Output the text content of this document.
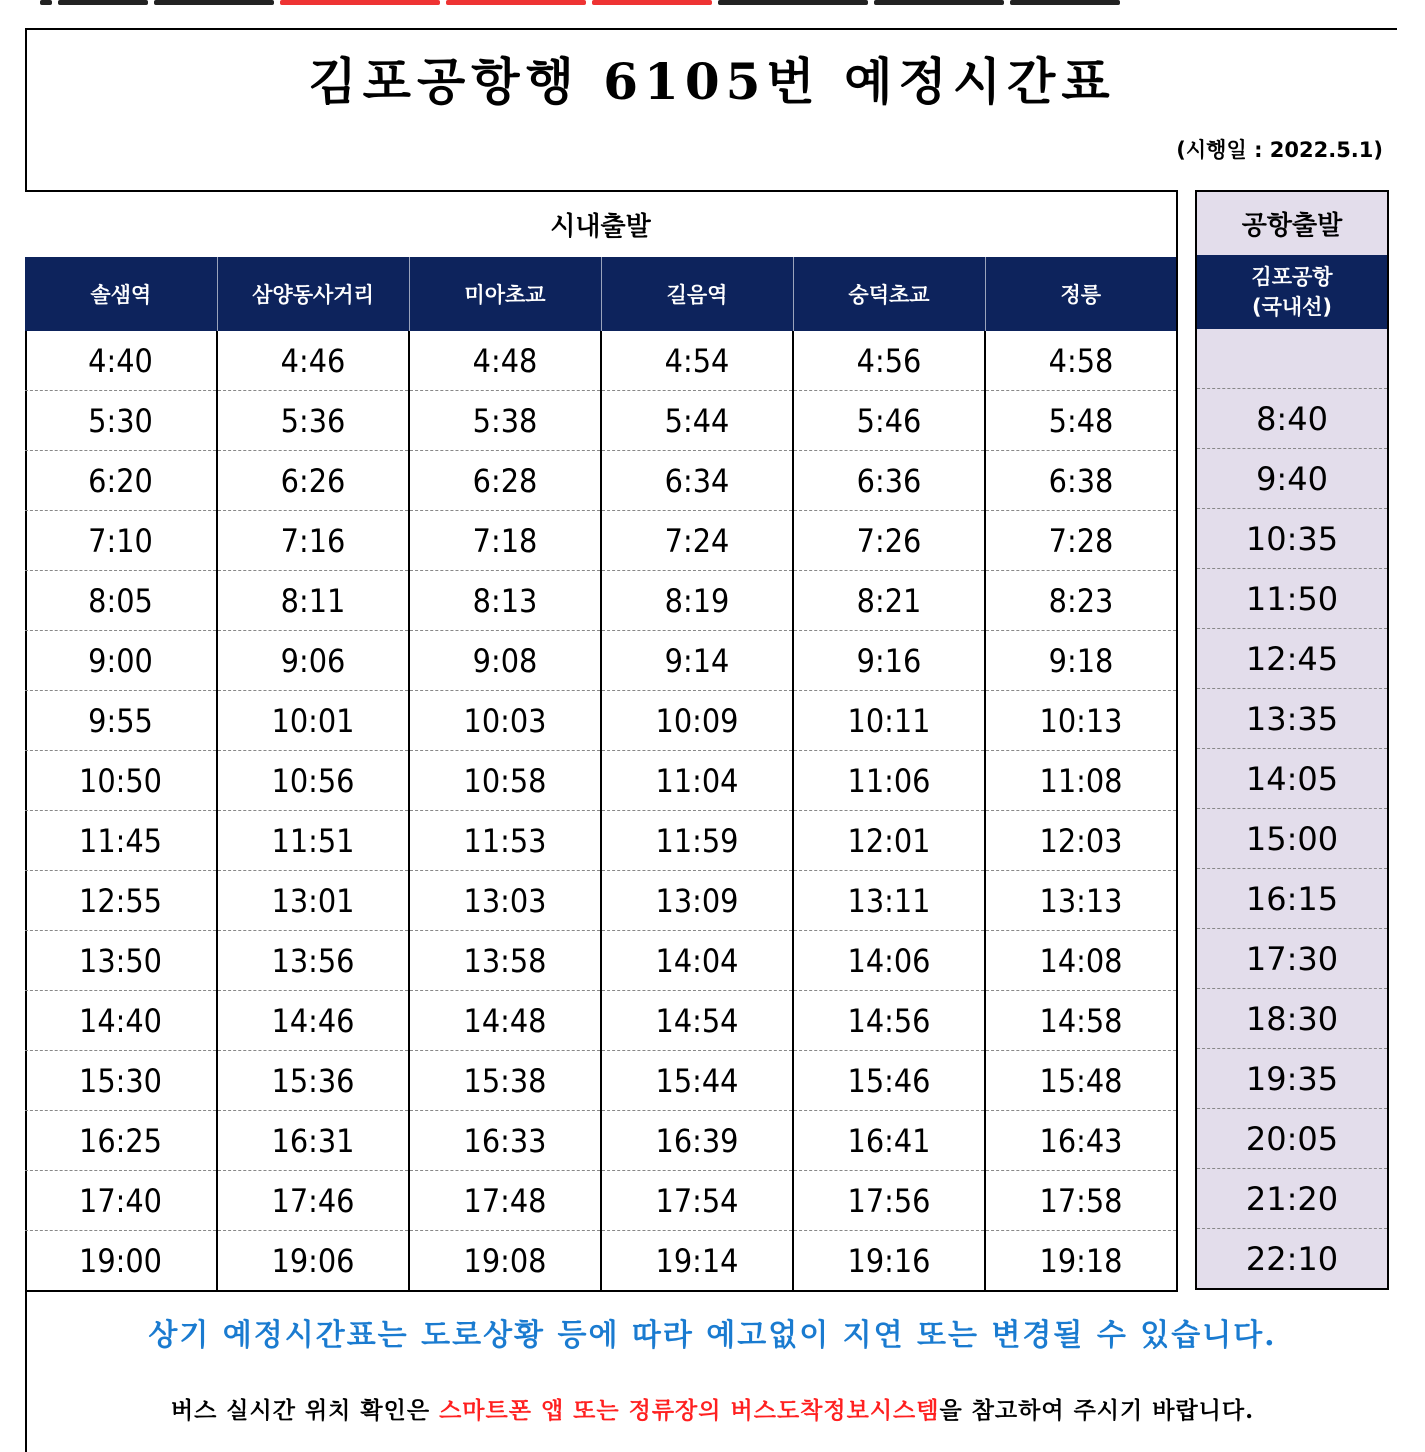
김포공항행 6105번 예정시간표
(시행일 : 2022.5.1)
시내출발					
솔샘역	삼양동사거리	미아초교	길음역	숭덕초교	정릉
4:40	4:46	4:48	4:54	4:56	4:58
5:30	5:36	5:38	5:44	5:46	5:48
6:20	6:26	6:28	6:34	6:36	6:38
7:10	7:16	7:18	7:24	7:26	7:28
8:05	8:11	8:13	8:19	8:21	8:23
9:00	9:06	9:08	9:14	9:16	9:18
9:55	10:01	10:03	10:09	10:11	10:13
10:50	10:56	10:58	11:04	11:06	11:08
11:45	11:51	11:53	11:59	12:01	12:03
12:55	13:01	13:03	13:09	13:11	13:13
13:50	13:56	13:58	14:04	14:06	14:08
14:40	14:46	14:48	14:54	14:56	14:58
15:30	15:36	15:38	15:44	15:46	15:48
16:25	16:31	16:33	16:39	16:41	16:43
17:40	17:46	17:48	17:54	17:56	17:58
19:00	19:06	19:08	19:14	19:16	19:18
공항출발

김포공항
(국내선)

8:40
9:40
10:35
11:50
12:45
13:35
14:05
15:00
16:15
17:30
18:30
19:35
20:05
21:20
22:10
상기 예정시간표는 도로상황 등에 따라 예고없이 지연 또는 변경될 수 있습니다.
버스 실시간 위치 확인은 스마트폰 앱 또는 정류장의 버스도착정보시스템을 참고하여 주시기 바랍니다.
